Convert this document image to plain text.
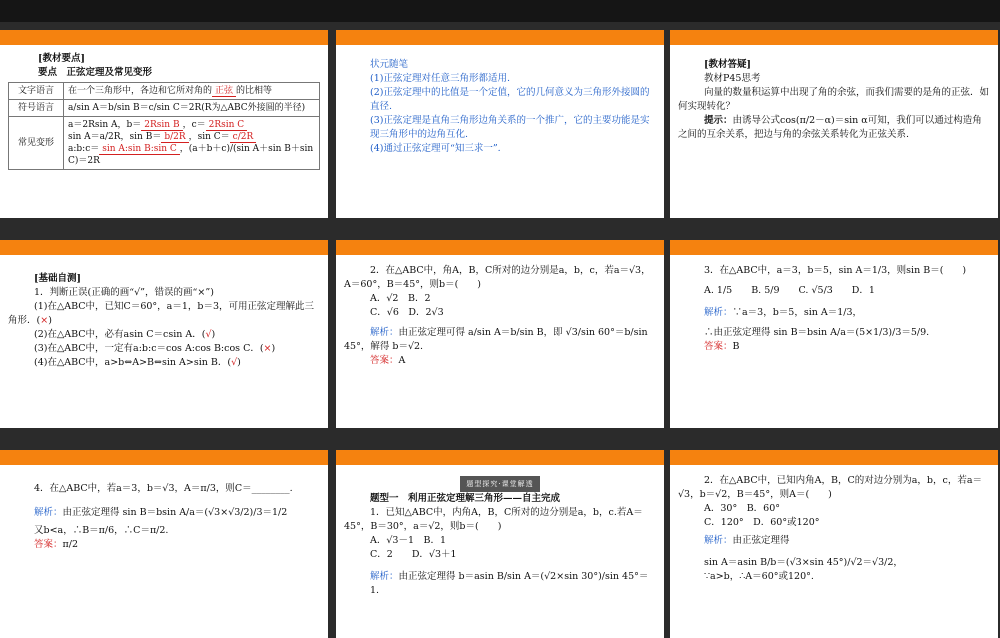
[教材要点]
要点　正弦定理及常见变形
文字语言	在一个三角形中，各边和它所对角的 正弦 的比相等
符号语言	a/sin A＝b/sin B＝c/sin C＝2R(R为△ABC外接圆的半径)
常见变形	a＝2Rsin A，b＝ 2Rsin B ，c＝ 2Rsin C
sin A＝a/2R，sin B＝ b/2R ，sin C＝ c/2R
a:b:c＝ sin A:sin B:sin C ，(a＋b＋c)/(sin A＋sin B＋sin C)＝2R
状元随笔
(1)正弦定理对任意三角形都适用.
(2)正弦定理中的比值是一个定值，它的几何意义为三角形外接圆的直径.
(3)正弦定理是直角三角形边角关系的一个推广，它的主要功能是实现三角形中的边角互化.
(4)通过正弦定理可“知三求一”.
[教材答疑]
教材P45思考
向量的数量积运算中出现了角的余弦，而我们需要的是角的正弦．如何实现转化？
提示：由诱导公式cos(π/2－α)＝sin α可知，我们可以通过构造角之间的互余关系，把边与角的余弦关系转化为正弦关系.
[基础自测]
1．判断正误(正确的画“√”，错误的画“×”)
(1)在△ABC中，已知C＝60°，a＝1，b＝3，可用正弦定理解此三角形．(×)
(2)在△ABC中，必有asin C＝csin A．(√)
(3)在△ABC中，一定有a:b:c＝cos A:cos B:cos C．(×)
(4)在△ABC中，a>b⇔A>B⇔sin A>sin B．(√)
2．在△ABC中，角A，B，C所对的边分别是a，b，c，若a＝√3，A＝60°，B＝45°，则b＝(　　)
A．√2　B．2
C．√6　D．2√3
解析：由正弦定理可得 a/sin A＝b/sin B，即 √3/sin 60°＝b/sin 45°，解得 b＝√2.
答案：A
3．在△ABC中，a＝3，b＝5，sin A＝1/3，则sin B＝(　　)
A. 1/5　　B. 5/9　　C. √5/3　　D．1
解析：∵a＝3，b＝5，sin A＝1/3，
∴由正弦定理得 sin B＝bsin A/a＝(5×1/3)/3＝5/9.
答案：B
4．在△ABC中，若a＝3，b＝√3，A＝π/3，则C＝________.
解析：由正弦定理得 sin B＝bsin A/a＝(√3×√3/2)/3＝1/2
又b<a，∴B＝π/6，∴C＝π/2.
答案：π/2
题型探究·课堂解透
题型一　利用正弦定理解三角形——自主完成
1．已知△ABC中，内角A，B，C所对的边分别是a，b，c.若A＝45°，B＝30°，a＝√2，则b＝(　　)
A．√3－1　B．1
C．2　　D．√3＋1
解析：由正弦定理得 b＝asin B/sin A＝(√2×sin 30°)/sin 45°＝1.
2．在△ABC中，已知内角A，B，C的对边分别为a，b，c，若a＝√3，b＝√2，B＝45°，则A＝(　　)
A．30°　B．60°
C．120°　D．60°或120°
解析：由正弦定理得
sin A＝asin B/b＝(√3×sin 45°)/√2＝√3/2，
∵a>b，∴A＝60°或120°.
